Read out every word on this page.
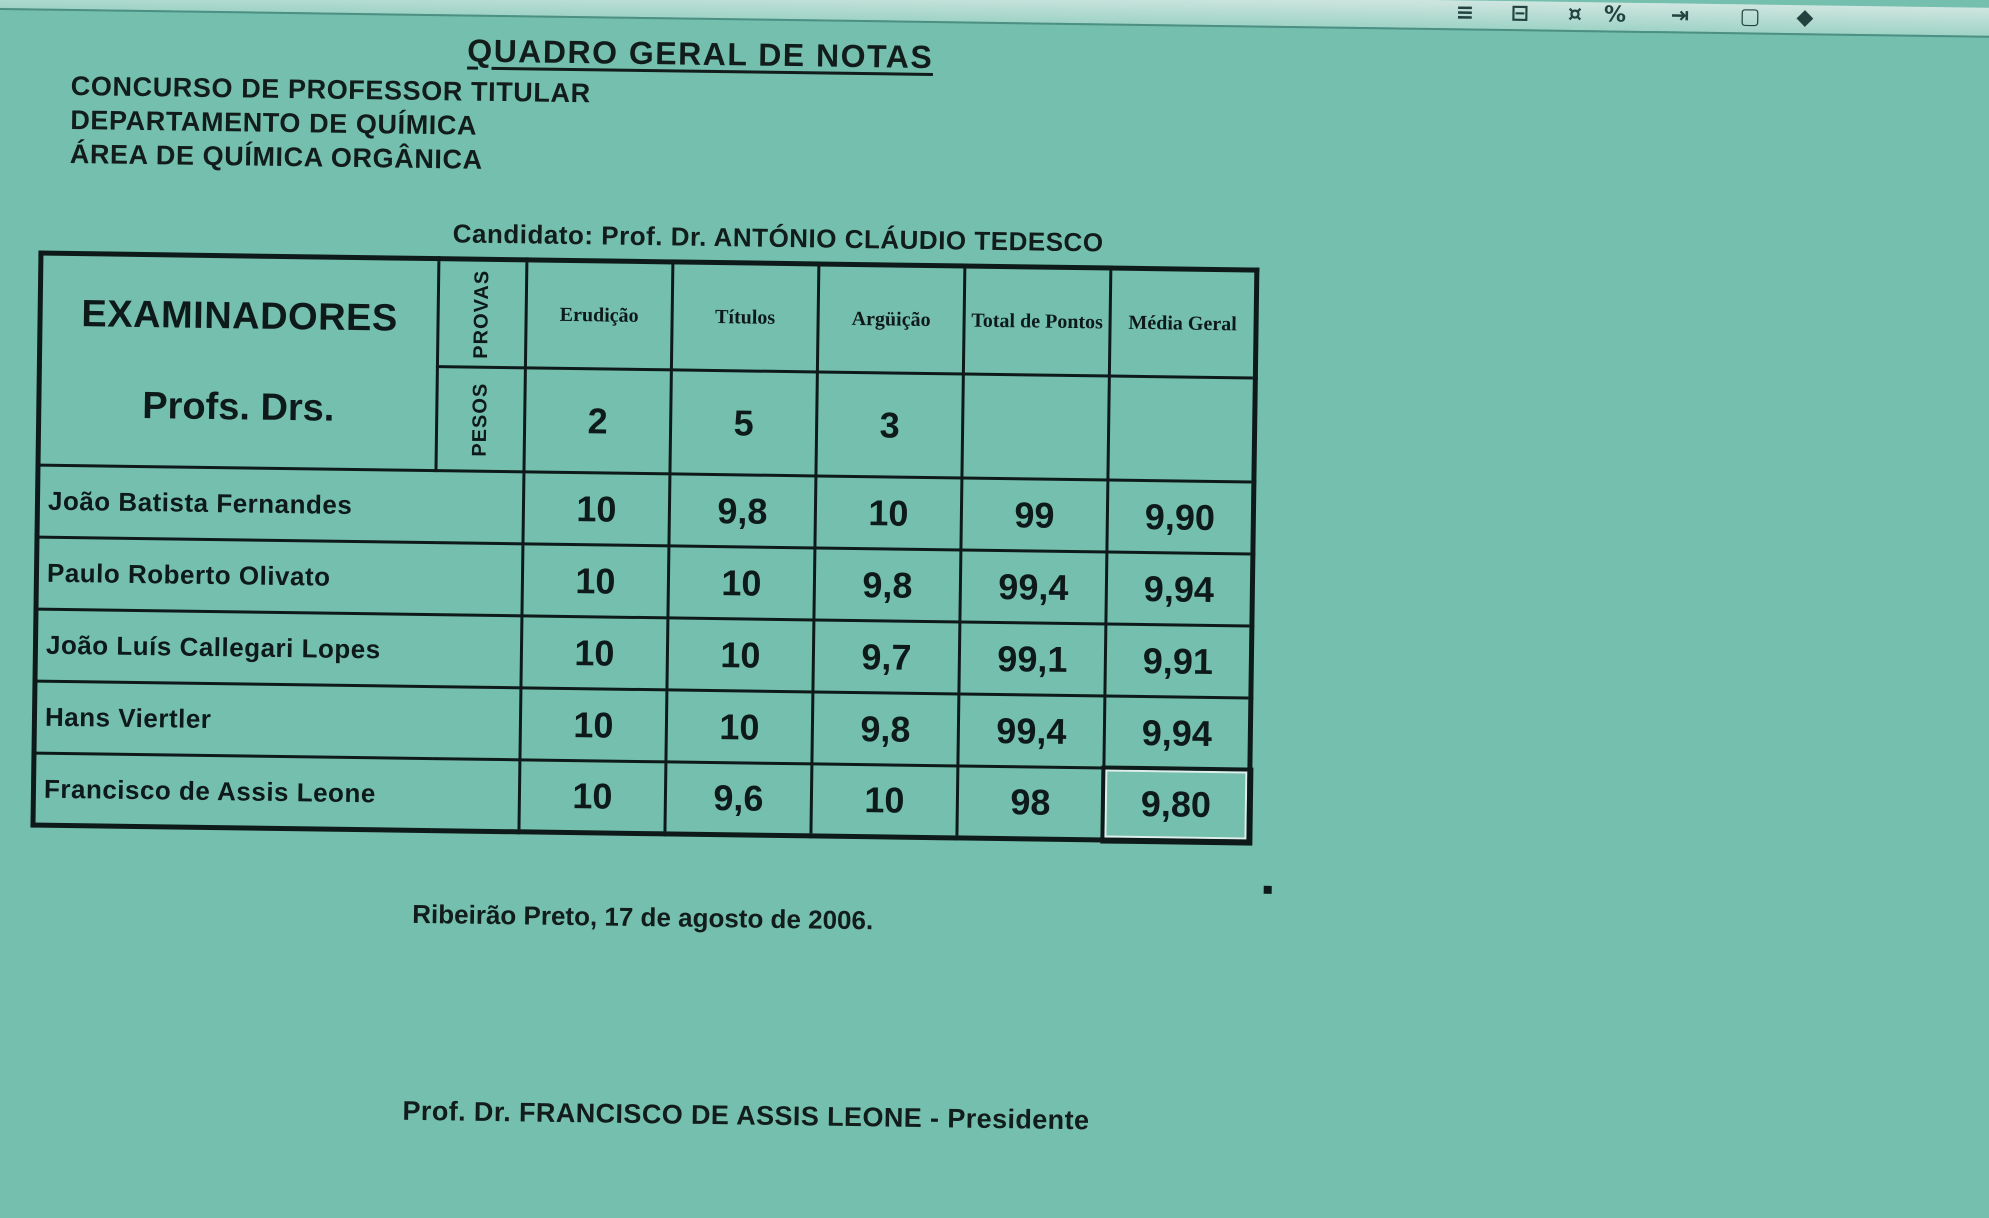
≡ ⊟	¤ % ⇥ ▢ ◆
QUADRO GERAL DE NOTAS
CONCURSO DE PROFESSOR TITULAR
DEPARTAMENTO DE QUÍMICA
ÁREA DE QUÍMICA ORGÂNICA
Candidato: Prof. Dr. ANTÓNIO CLÁUDIO TEDESCO
EXAMINADORES
Profs. Drs.	PROVAS	Erudição	Títulos	Argüição	Total de Pontos	Média Geral

	PESOS	2	5	3		
João Batista Fernandes		10	9,8	10	99	9,90
Paulo Roberto Olivato		10	10	9,8	99,4	9,94
João Luís Callegari Lopes		10	10	9,7	99,1	9,91
Hans Viertler		10	10	9,8	99,4	9,94
Francisco de Assis Leone		10	9,6	10	98	9,80
Ribeirão Preto, 17 de agosto de 2006.
Prof. Dr. FRANCISCO DE ASSIS LEONE - Presidente
